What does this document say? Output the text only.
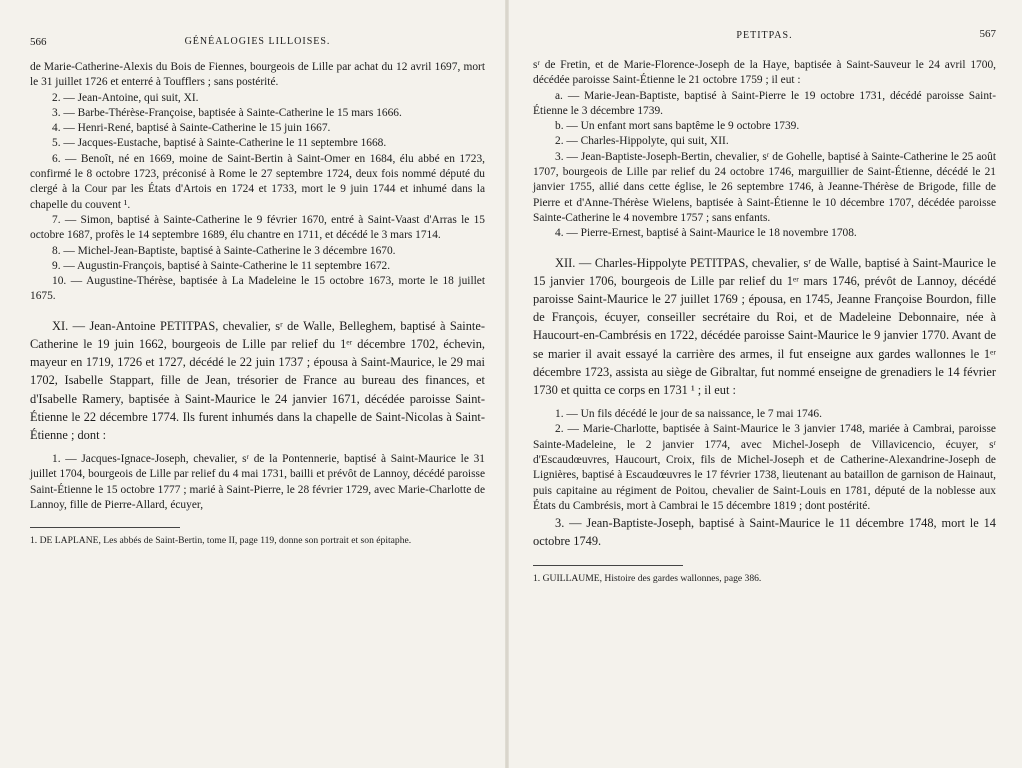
566	GÉNÉALOGIES LILLOISES.

de Marie-Catherine-Alexis du Bois de Fiennes, bourgeois de Lille par achat du 12 avril 1697, mort le 31 juillet 1726 et enterré à Toufflers ; sans postérité.

2. — Jean-Antoine, qui suit, XI.

3. — Barbe-Thérèse-Françoise, baptisée à Sainte-Catherine le 15 mars 1666.

4. — Henri-René, baptisé à Sainte-Catherine le 15 juin 1667.

5. — Jacques-Eustache, baptisé à Sainte-Catherine le 11 septembre 1668.

6. — Benoît, né en 1669, moine de Saint-Bertin à Saint-Omer en 1684, élu abbé en 1723, confirmé le 8 octobre 1723, préconisé à Rome le 27 septembre 1724, deux fois nommé député du clergé à la Cour par les États d'Artois en 1724 et 1733, mort le 9 juin 1744 et inhumé dans la chapelle du couvent ¹.

7. — Simon, baptisé à Sainte-Catherine le 9 février 1670, entré à Saint-Vaast d'Arras le 15 octobre 1687, profès le 14 septembre 1689, élu chantre en 1711, et décédé le 3 mars 1714.

8. — Michel-Jean-Baptiste, baptisé à Sainte-Catherine le 3 décembre 1670.

9. — Augustin-François, baptisé à Sainte-Catherine le 11 septembre 1672.

10. — Augustine-Thérèse, baptisée à La Madeleine le 15 octobre 1673, morte le 18 juillet 1675.

XI. — Jean-Antoine PETITPAS, chevalier, sʳ de Walle, Belleghem, baptisé à Sainte-Catherine le 19 juin 1662, bourgeois de Lille par relief du 1ᵉʳ décembre 1702, échevin, mayeur en 1719, 1726 et 1727, décédé le 22 juin 1737 ; épousa à Saint-Maurice, le 29 mai 1702, Isabelle Stappart, fille de Jean, trésorier de France au bureau des finances, et d'Isabelle Ramery, baptisée à Saint-Maurice le 24 janvier 1671, décédée paroisse Saint-Étienne le 22 décembre 1774. Ils furent inhumés dans la chapelle de Saint-Nicolas à Saint-Étienne ; dont :

1. — Jacques-Ignace-Joseph, chevalier, sʳ de la Pontennerie, baptisé à Saint-Maurice le 31 juillet 1704, bourgeois de Lille par relief du 4 mai 1731, bailli et prévôt de Lannoy, décédé paroisse Saint-Étienne le 15 octobre 1777 ; marié à Saint-Pierre, le 28 février 1729, avec Marie-Charlotte de Lannoy, fille de Pierre-Allard, écuyer,

1. DE LAPLANE, Les abbés de Saint-Bertin, tome II, page 119, donne son portrait et son épitaphe.

PETITPAS.	567

sʳ de Fretin, et de Marie-Florence-Joseph de la Haye, baptisée à Saint-Sauveur le 24 avril 1700, décédée paroisse Saint-Étienne le 21 octobre 1759 ; il eut :

a. — Marie-Jean-Baptiste, baptisé à Saint-Pierre le 19 octobre 1731, décédé paroisse Saint-Étienne le 3 décembre 1739.

b. — Un enfant mort sans baptême le 9 octobre 1739.

2. — Charles-Hippolyte, qui suit, XII.

3. — Jean-Baptiste-Joseph-Bertin, chevalier, sʳ de Gohelle, baptisé à Sainte-Catherine le 25 août 1707, bourgeois de Lille par relief du 24 octobre 1746, marguillier de Saint-Étienne, décédé le 21 janvier 1755, allié dans cette église, le 26 septembre 1746, à Jeanne-Thérèse de Brigode, fille de Pierre et d'Anne-Thérèse Wielens, baptisée à Saint-Étienne le 10 décembre 1707, décédée paroisse Sainte-Catherine le 4 novembre 1757 ; sans enfants.

4. — Pierre-Ernest, baptisé à Saint-Maurice le 18 novembre 1708.

XII. — Charles-Hippolyte PETITPAS, chevalier, sʳ de Walle, baptisé à Saint-Maurice le 15 janvier 1706, bourgeois de Lille par relief du 1ᵉʳ mars 1746, prévôt de Lannoy, décédé paroisse Saint-Maurice le 27 juillet 1769 ; épousa, en 1745, Jeanne Françoise Bourdon, fille de François, écuyer, conseiller secrétaire du Roi, et de Madeleine Debonnaire, née à Haucourt-en-Cambrésis en 1722, décédée paroisse Saint-Maurice le 9 janvier 1770. Avant de se marier il avait essayé la carrière des armes, il fut enseigne aux gardes wallonnes le 1ᵉʳ décembre 1723, assista au siège de Gibraltar, fut nommé enseigne de grenadiers le 14 février 1730 et quitta ce corps en 1731 ¹ ; il eut :

1. — Un fils décédé le jour de sa naissance, le 7 mai 1746.

2. — Marie-Charlotte, baptisée à Saint-Maurice le 3 janvier 1748, mariée à Cambrai, paroisse Sainte-Madeleine, le 2 janvier 1774, avec Michel-Joseph de Villavicencio, écuyer, sʳ d'Escaudœuvres, Haucourt, Croix, fils de Michel-Joseph et de Catherine-Alexandrine-Joseph de Lignières, baptisé à Escaudœuvres le 17 février 1738, lieutenant au bataillon de garnison de Hainaut, puis capitaine au régiment de Poitou, chevalier de Saint-Louis en 1781, député de la noblesse aux États du Cambrésis, mort à Cambrai le 15 décembre 1819 ; dont postérité.

3. — Jean-Baptiste-Joseph, baptisé à Saint-Maurice le 11 décembre 1748, mort le 14 octobre 1749.

1. GUILLAUME, Histoire des gardes wallonnes, page 386.
